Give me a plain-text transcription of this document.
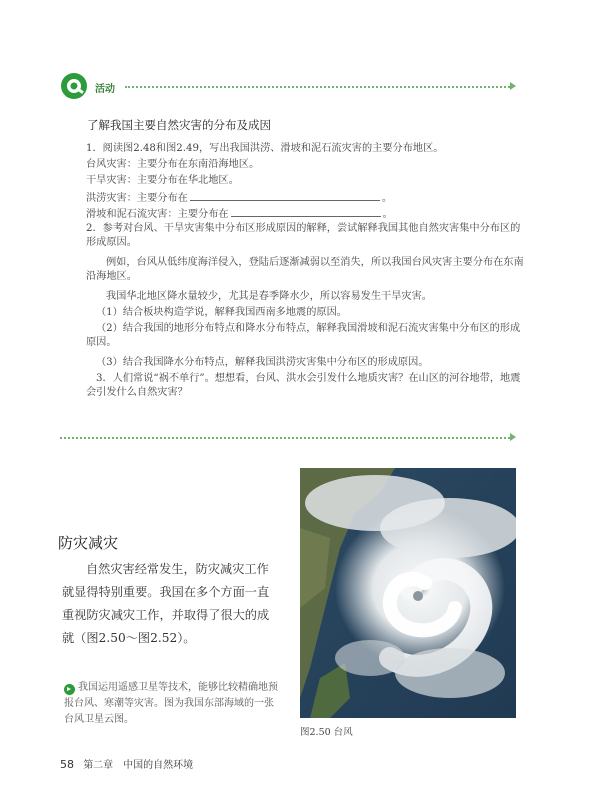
活动
了解我国主要自然灾害的分布及成因
1．阅读图2.48和图2.49，写出我国洪涝、滑坡和泥石流灾害的主要分布地区。
台风灾害：主要分布在东南沿海地区。
干旱灾害：主要分布在华北地区。
洪涝灾害：主要分布在	。
滑坡和泥石流灾害：主要分布在	。
2．参考对台风、干旱灾害集中分布区形成原因的解释，尝试解释我国其他自然灾害集中分布区的形成原因。
例如，台风从低纬度海洋侵入，登陆后逐渐减弱以至消失，所以我国台风灾害主要分布在东南沿海地区。
我国华北地区降水量较少，尤其是春季降水少，所以容易发生干旱灾害。
（1）结合板块构造学说，解释我国西南多地震的原因。
（2）结合我国的地形分布特点和降水分布特点，解释我国滑坡和泥石流灾害集中分布区的形成原因。
（3）结合我国降水分布特点，解释我国洪涝灾害集中分布区的形成原因。
3．人们常说“祸不单行”。想想看，台风、洪水会引发什么地质灾害？在山区的河谷地带，地震会引发什么自然灾害？
防灾减灾
自然灾害经常发生，防灾减灾工作就显得特别重要。我国在多个方面一直重视防灾减灾工作，并取得了很大的成就（图2.50～图2.52）。
我国运用遥感卫星等技术，能够比较精确地预报台风、寒潮等灾害。图为我国东部海域的一张台风卫星云图。
图2.50 台风
58 第二章　中国的自然环境
